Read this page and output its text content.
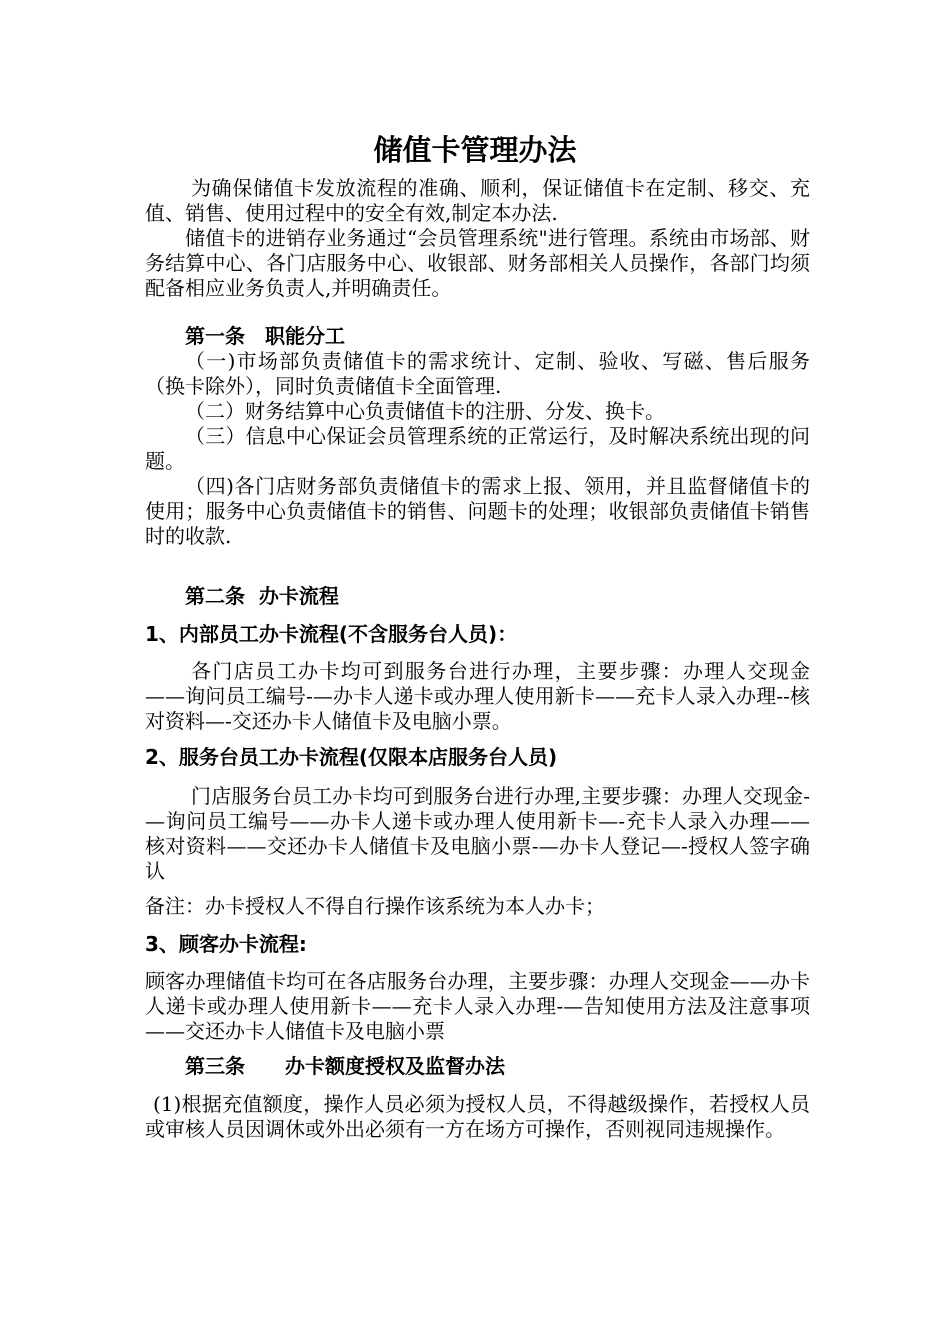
储值卡管理办法

为确保储值卡发放流程的准确、顺利，保证储值卡在定制、移交、充值、销售、使用过程中的安全有效,制定本办法.

储值卡的进销存业务通过“会员管理系统"进行管理。系统由市场部、财务结算中心、各门店服务中心、收银部、财务部相关人员操作，各部门均须配备相应业务负责人,并明确责任。

第一条　职能分工

（一)市场部负责储值卡的需求统计、定制、验收、写磁、售后服务（换卡除外），同时负责储值卡全面管理.

（二）财务结算中心负责储值卡的注册、分发、换卡。

（三）信息中心保证会员管理系统的正常运行，及时解决系统出现的问题。

（四)各门店财务部负责储值卡的需求上报、领用，并且监督储值卡的使用；服务中心负责储值卡的销售、问题卡的处理；收银部负责储值卡销售时的收款.

第二条  办卡流程

1、内部员工办卡流程(不含服务台人员)：

各门店员工办卡均可到服务台进行办理，主要步骤：办理人交现金——询问员工编号-—办卡人递卡或办理人使用新卡——充卡人录入办理--核对资料—-交还办卡人储值卡及电脑小票。

2、服务台员工办卡流程(仅限本店服务台人员)

门店服务台员工办卡均可到服务台进行办理,主要步骤：办理人交现金-—询问员工编号——办卡人递卡或办理人使用新卡—-充卡人录入办理——核对资料——交还办卡人储值卡及电脑小票-—办卡人登记—-授权人签字确认

备注：办卡授权人不得自行操作该系统为本人办卡；

3、顾客办卡流程:

顾客办理储值卡均可在各店服务台办理，主要步骤：办理人交现金——办卡人递卡或办理人使用新卡——充卡人录入办理-—告知使用方法及注意事项——交还办卡人储值卡及电脑小票

第三条　　办卡额度授权及监督办法

(1)根据充值额度，操作人员必须为授权人员，不得越级操作，若授权人员或审核人员因调休或外出必须有一方在场方可操作，否则视同违规操作。
